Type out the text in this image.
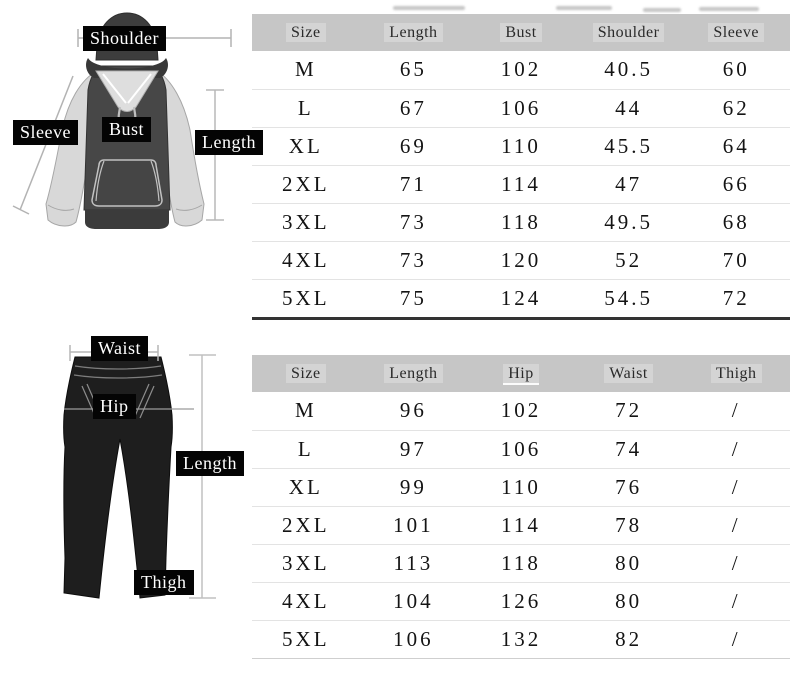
Shoulder
Sleeve	Bust
Length
Waist
Hip
Length
Thigh
Size	Length	Bust	Shoulder	Sleeve
M	65	102	40.5	60
L	67	106	44	62
XL	69	110	45.5	64
2XL	71	114	47	66
3XL	73	118	49.5	68
4XL	73	120	52	70
5XL	75	124	54.5	72
Size	Length	Hip	Waist	Thigh
M	96	102	72	/
L	97	106	74	/
XL	99	110	76	/
2XL	101	114	78	/
3XL	113	118	80	/
4XL	104	126	80	/
5XL	106	132	82	/
